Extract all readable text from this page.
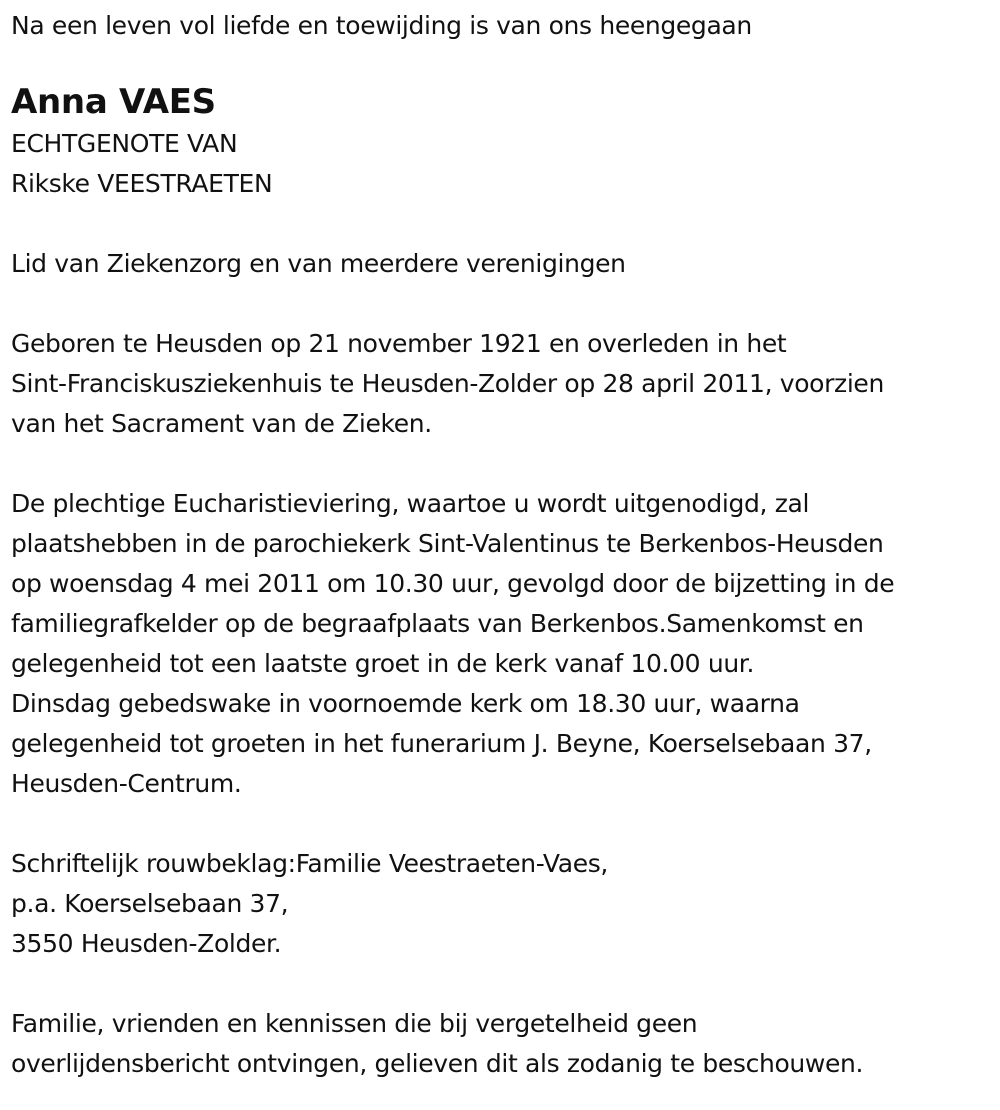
Na een leven vol liefde en toewijding is van ons heengegaan
Anna VAES
ECHTGENOTE VAN
Rikske VEESTRAETEN
Lid van Ziekenzorg en van meerdere verenigingen
Geboren te Heusden op 21 november 1921 en overleden in het
Sint-Franciskusziekenhuis te Heusden-Zolder op 28 april 2011, voorzien
van het Sacrament van de Zieken.
De plechtige Eucharistieviering, waartoe u wordt uitgenodigd, zal
plaatshebben in de parochiekerk Sint-Valentinus te Berkenbos-Heusden
op woensdag 4 mei 2011 om 10.30 uur, gevolgd door de bijzetting in de
familiegrafkelder op de begraafplaats van Berkenbos.Samenkomst en
gelegenheid tot een laatste groet in de kerk vanaf 10.00 uur.
Dinsdag gebedswake in voornoemde kerk om 18.30 uur, waarna
gelegenheid tot groeten in het funerarium J. Beyne, Koerselsebaan 37,
Heusden-Centrum.
Schriftelijk rouwbeklag:Familie Veestraeten-Vaes,
p.a. Koerselsebaan 37,
3550 Heusden-Zolder.
Familie, vrienden en kennissen die bij vergetelheid geen
overlijdensbericht ontvingen, gelieven dit als zodanig te beschouwen.
